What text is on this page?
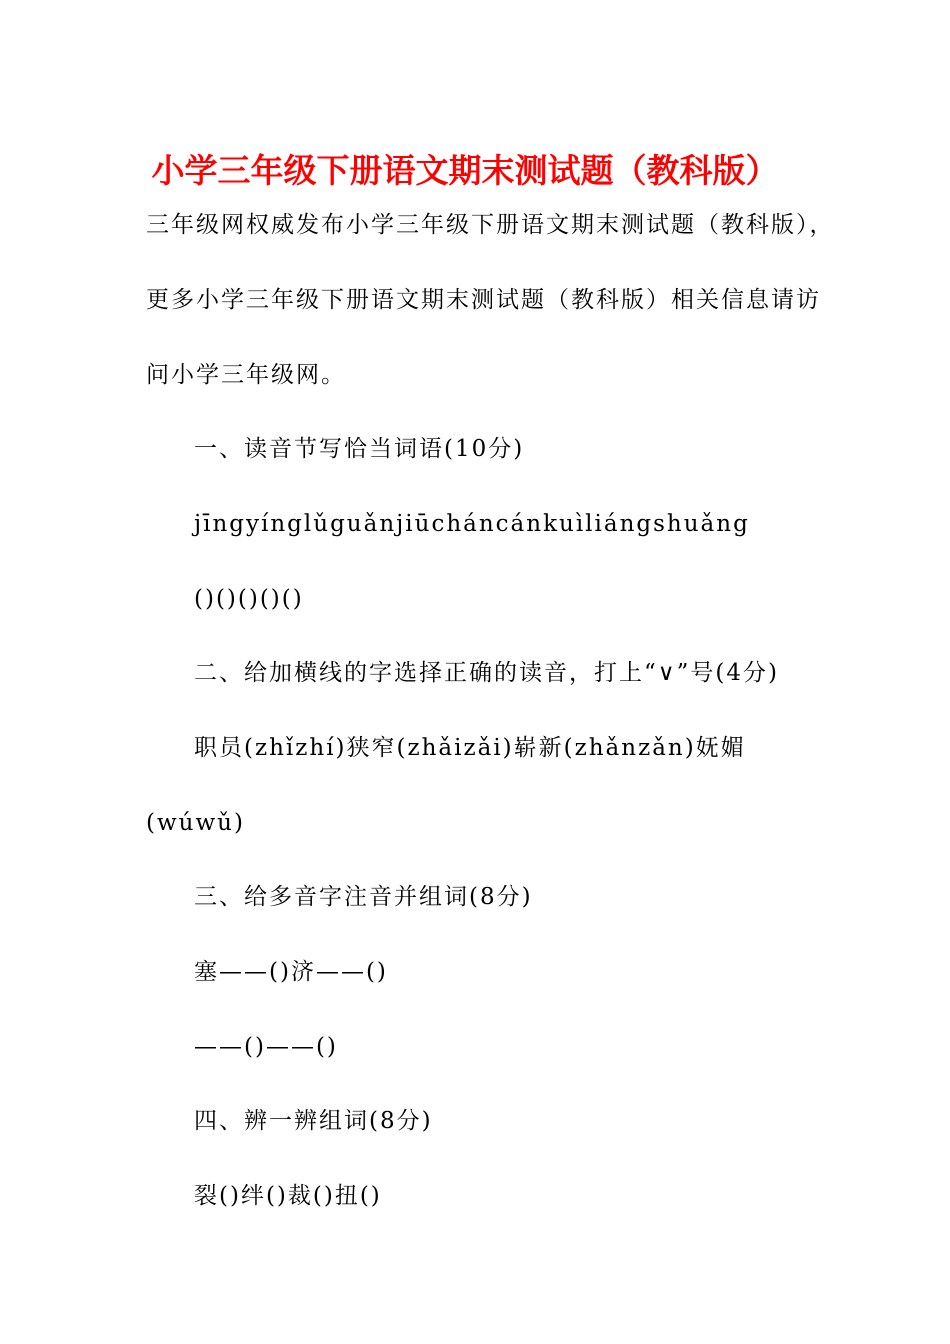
小学三年级下册语文期末测试题（教科版）
三年级网权威发布小学三年级下册语文期末测试题（教科版），
更多小学三年级下册语文期末测试题（教科版）相关信息请访
问小学三年级网。
一、读音节写恰当词语(10分)
jīngyínglǔguǎnjiūcháncánkuìliángshuǎng
()()()()()
二、给加横线的字选择正确的读音，打上“∨”号(4分)
职员(zhǐzhí)狭窄(zhǎizǎi)崭新(zhǎnzǎn)妩媚
(wúwǔ)
三、给多音字注音并组词(8分)
塞——()济——()
——()——()
四、辨一辨组词(8分)
裂()绊()裁()扭()
